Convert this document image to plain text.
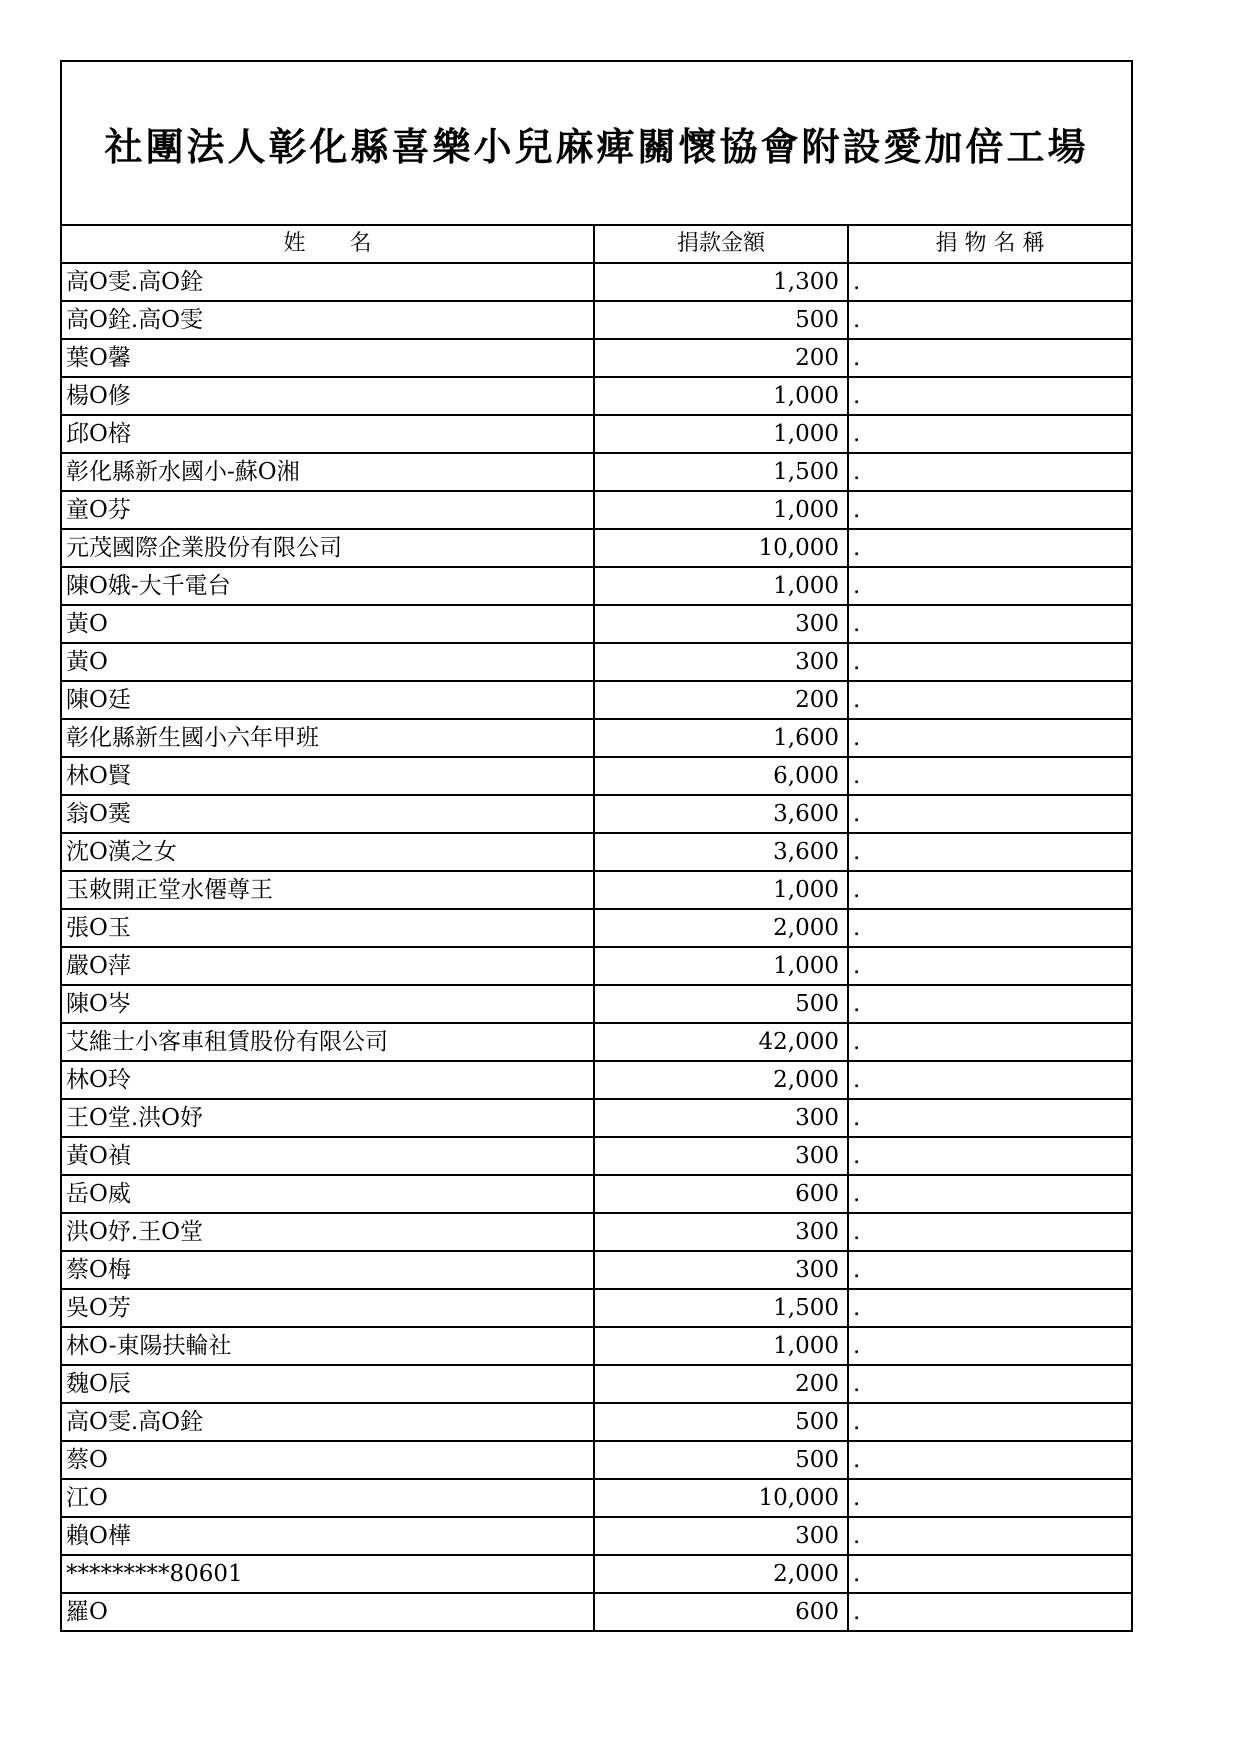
社團法人彰化縣喜樂小兒麻痺關懷協會附設愛加倍工場
姓　　名	捐款金額	捐 物 名 稱
高O雯.高O銓	1,300	.
高O銓.高O雯	500	.
葉O馨	200	.
楊O修	1,000	.
邱O榕	1,000	.
彰化縣新水國小-蘇O湘	1,500	.
童O芬	1,000	.
元茂國際企業股份有限公司	10,000	.
陳O娥-大千電台	1,000	.
黃O	300	.
黃O	300	.
陳O廷	200	.
彰化縣新生國小六年甲班	1,600	.
林O賢	6,000	.
翁O霙	3,600	.
沈O漢之女	3,600	.
玉敕開正堂水僊尊王	1,000	.
張O玉	2,000	.
嚴O萍	1,000	.
陳O岑	500	.
艾維士小客車租賃股份有限公司	42,000	.
林O玲	2,000	.
王O堂.洪O妤	300	.
黃O禎	300	.
岳O威	600	.
洪O妤.王O堂	300	.
蔡O梅	300	.
吳O芳	1,500	.
林O-東陽扶輪社	1,000	.
魏O辰	200	.
高O雯.高O銓	500	.
蔡O	500	.
江O	10,000	.
賴O樺	300	.
*********80601	2,000	.
羅O	600	.
